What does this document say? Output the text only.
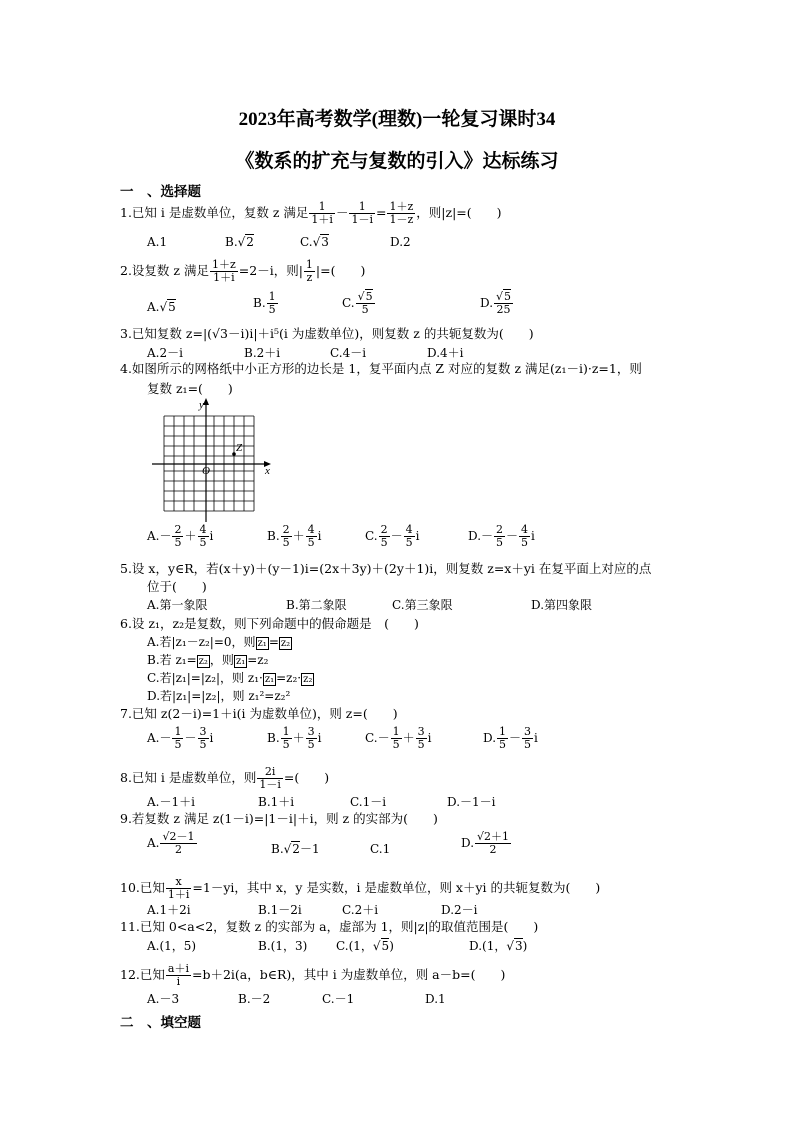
2023年高考数学(理数)一轮复习课时34
《数系的扩充与复数的引入》达标练习
一　、选择题
1.已知 i 是虚数单位，复数 z 满足 $\frac{1}{1+i} - \frac{1}{1-i} = \frac{1+z}{1-z}$ ，则|z|=(　　)
A.1	B.√2	C.√3	D.2
2.设复数 z 满足 $\frac{1+z}{1+i} =2-i$，则| $\frac{1}{z}$ |=(　　)
A.√5	B. $\frac{1}{5}$	C. $\frac{√5}{5}$	D. $\frac{√5}{25}$
3.已知复数 z=|(√3－i)i|＋i⁵(i 为虚数单位)，则复数 z 的共轭复数为(　　)
A.2－i	B.2＋i	C.4－i	D.4＋i
4.如图所示的网格纸中小正方形的边长是 1，复平面内点 Z 对应的复数 z 满足(z₁－i)·z=1，则
复数 z₁=(　　)
y
x
O
Z
$A.- \frac{2}{5} + \frac{4}{5}$ i	B. $\frac{2}{5} + \frac{4}{5}$ i	C. $\frac{2}{5} - \frac{4}{5}$ i	$D.- \frac{2}{5} - \frac{4}{5}$ i
5.设 x，y∈R，若(x＋y)＋(y－1)i=(2x＋3y)＋(2y＋1)i，则复数 z=x＋yi 在复平面上对应的点
位于(　　)
A.第一象限	B.第二象限	C.第三象限	D.第四象限
6.设 z₁，z₂是复数，则下列命题中的假命题是　(　　)
A.若|z₁－z₂|=0，则 z₁ = z₂
B.若 z₁= z₂ ，则 z₁ =z₂
C.若|z₁|=|z₂|，则 z₁· z₁ =z₂· z₂
D.若|z₁|=|z₂|，则 z₁²=z₂²
7.已知 z(2－i)=1＋i(i 为虚数单位)，则 z=(　　)
$A.- \frac{1}{5} - \frac{3}{5}$ i	B. $\frac{1}{5} + \frac{3}{5}$ i	$C.- \frac{1}{5} + \frac{3}{5}$ i	D. $\frac{1}{5} - \frac{3}{5}$ i
8.已知 i 是虚数单位，则 $\frac{2i}{1-i}$ =(　　)
A.－1＋i	B.1＋i	C.1－i	D.－1－i
9.若复数 z 满足 z(1－i)=|1－i|＋i，则 z 的实部为(　　)
A. $\frac{√2-1}{2}$	B.√2－1	C.1	D. $\frac{√2+1}{2}$
10.已知 $\frac{x}{1+i} =1-yi$，其中 x，y 是实数，i 是虚数单位，则 x＋yi 的共轭复数为(　　)
A.1＋2i	B.1－2i	C.2＋i	D.2－i
11.已知 0<a<2，复数 z 的实部为 a，虚部为 1，则|z|的取值范围是(　　)
A.(1，5)	B.(1，3) C.(1，√5)	D.(1，√3)
12.已知 $\frac{a+i}{i} =b+2i(a$，b∈R)，其中 i 为虚数单位，则 a－b=(　　)
A.－3	B.－2	C.－1	D.1
二　、填空题
